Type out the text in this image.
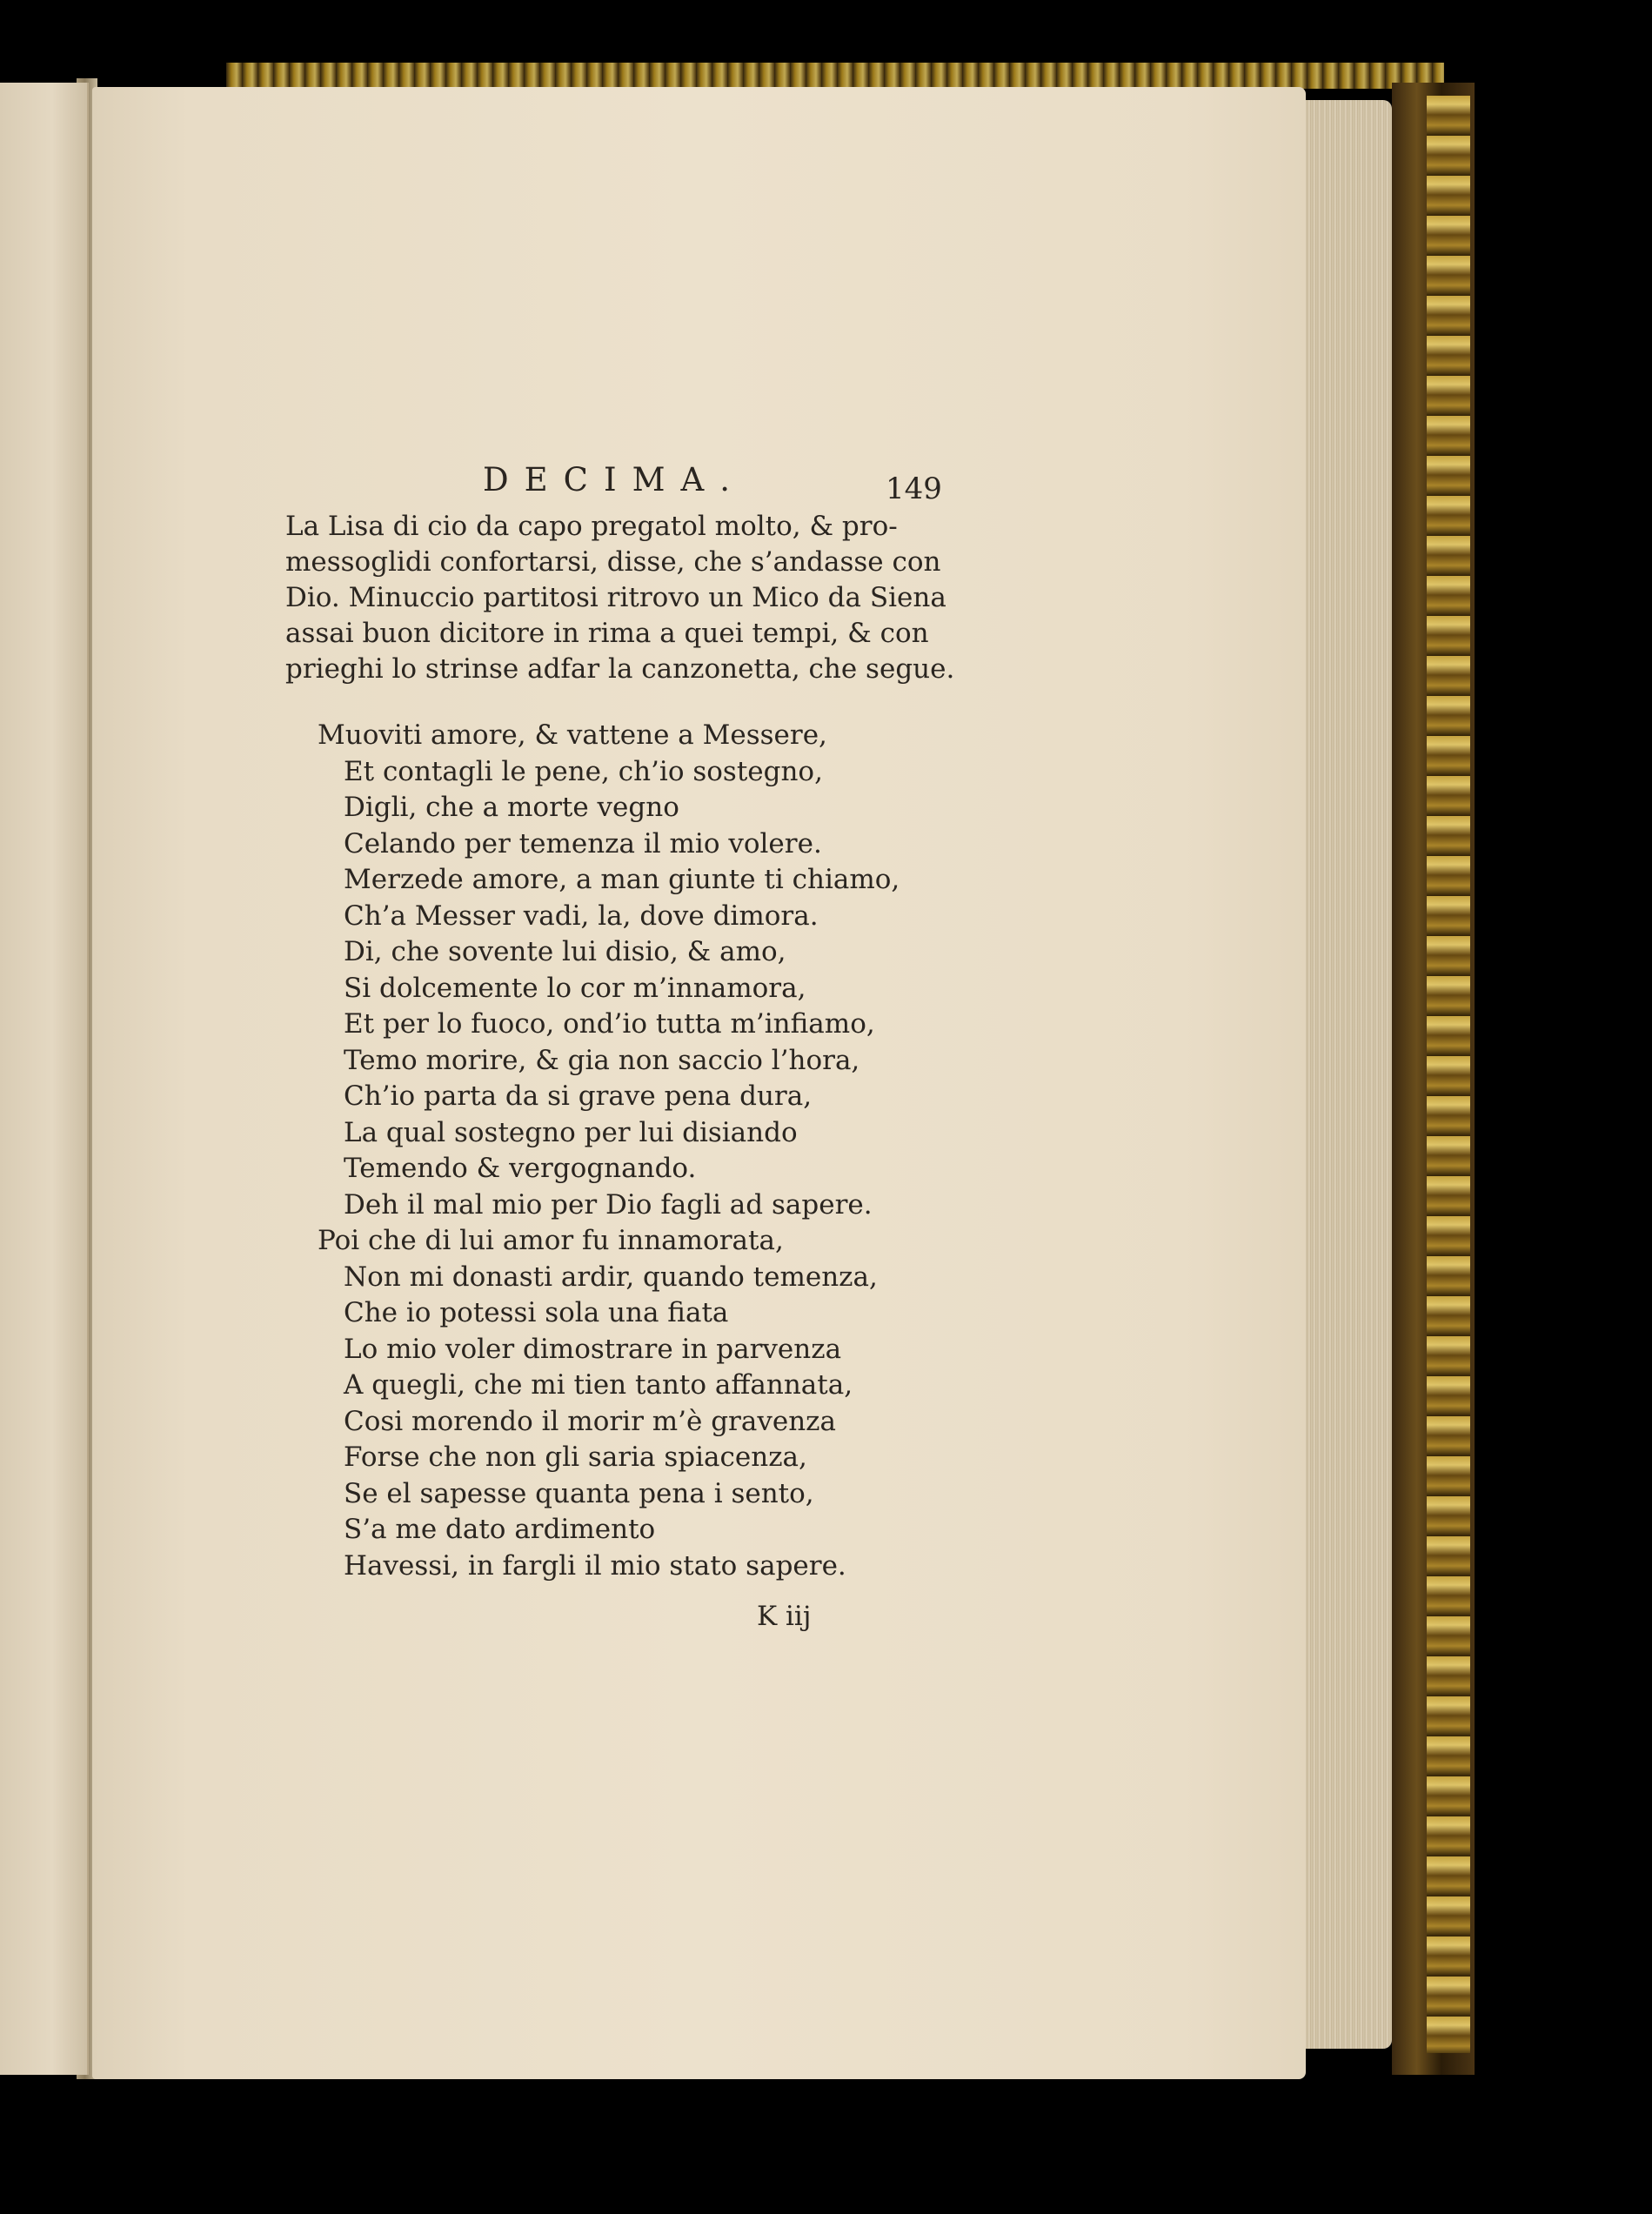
DECIMA.	149
La Lisa di cio da capo pregatol molto, & pro-
messoglidi confortarsi, disse, che s’andasse con
Dio. Minuccio partitosi ritrovo un Mico da Siena
assai buon dicitore in rima a quei tempi, & con
prieghi lo strinse adfar la canzonetta, che segue.
Muoviti amore, & vattene a Messere,
Et contagli le pene, ch’io sostegno,
Digli, che a morte vegno
Celando per temenza il mio volere.
Merzede amore, a man giunte ti chiamo,
Ch’a Messer vadi, la, dove dimora.
Di, che sovente lui disio, & amo,
Si dolcemente lo cor m’innamora,
Et per lo fuoco, ond’io tutta m’infiamo,
Temo morire, & gia non saccio l’hora,
Ch’io parta da si grave pena dura,
La qual sostegno per lui disiando
Temendo & vergognando.
Deh il mal mio per Dio fagli ad sapere.
Poi che di lui amor fu innamorata,
Non mi donasti ardir, quando temenza,
Che io potessi sola una fiata
Lo mio voler dimostrare in parvenza
A quegli, che mi tien tanto affannata,
Cosi morendo il morir m’è gravenza
Forse che non gli saria spiacenza,
Se el sapesse quanta pena i sento,
S’a me dato ardimento
Havessi, in fargli il mio stato sapere.
K iij
